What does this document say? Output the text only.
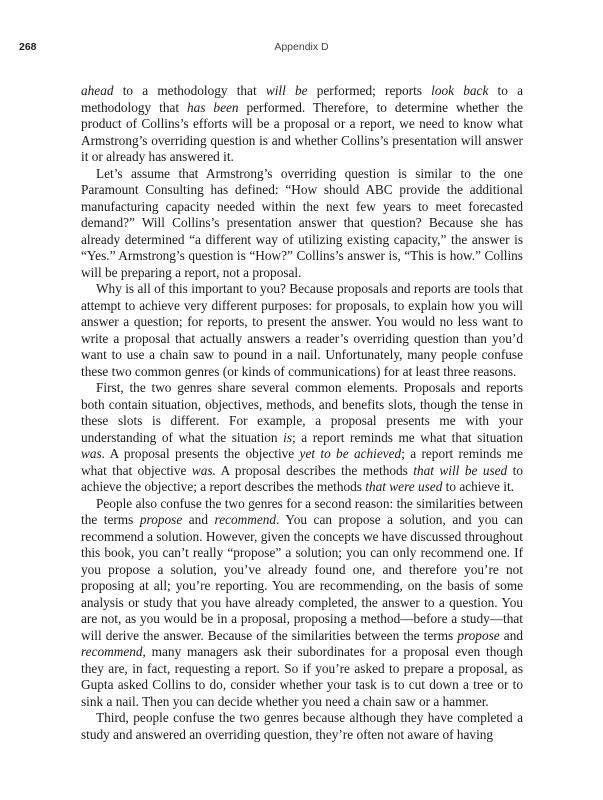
268	Appendix D

ahead to a methodology that will be performed; reports look back to a methodology that has been performed. Therefore, to determine whether the product of Collins’s efforts will be a proposal or a report, we need to know what Armstrong’s overriding question is and whether Collins’s presentation will answer it or already has answered it.

Let’s assume that Armstrong’s overriding question is similar to the one Paramount Consulting has defined: “How should ABC provide the additional manufacturing capacity needed within the next few years to meet forecasted demand?” Will Collins’s presentation answer that question? Because she has already determined “a different way of utilizing existing capacity,” the answer is “Yes.” Armstrong’s question is “How?” Collins’s answer is, “This is how.” Collins will be preparing a report, not a proposal.

Why is all of this important to you? Because proposals and reports are tools that attempt to achieve very different purposes: for proposals, to explain how you will answer a question; for reports, to present the answer. You would no less want to write a proposal that actually answers a reader’s overriding question than you’d want to use a chain saw to pound in a nail. Unfortunately, many people confuse these two common genres (or kinds of communications) for at least three reasons.

First, the two genres share several common elements. Proposals and reports both contain situation, objectives, methods, and benefits slots, though the tense in these slots is different. For example, a proposal presents me with your understanding of what the situation is; a report reminds me what that situation was. A proposal presents the objective yet to be achieved; a report reminds me what that objective was. A proposal describes the methods that will be used to achieve the objective; a report describes the methods that were used to achieve it.

People also confuse the two genres for a second reason: the similarities between the terms propose and recommend. You can propose a solution, and you can recommend a solution. However, given the concepts we have discussed throughout this book, you can’t really “propose” a solution; you can only recommend one. If you propose a solution, you’ve already found one, and therefore you’re not proposing at all; you’re reporting. You are recommending, on the basis of some analysis or study that you have already completed, the answer to a question. You are not, as you would be in a proposal, proposing a method—before a study—that will derive the answer. Because of the similarities between the terms propose and recommend, many managers ask their subordinates for a proposal even though they are, in fact, requesting a report. So if you’re asked to prepare a proposal, as Gupta asked Collins to do, consider whether your task is to cut down a tree or to sink a nail. Then you can decide whether you need a chain saw or a hammer.

Third, people confuse the two genres because although they have completed a study and answered an overriding question, they’re often not aware of having
